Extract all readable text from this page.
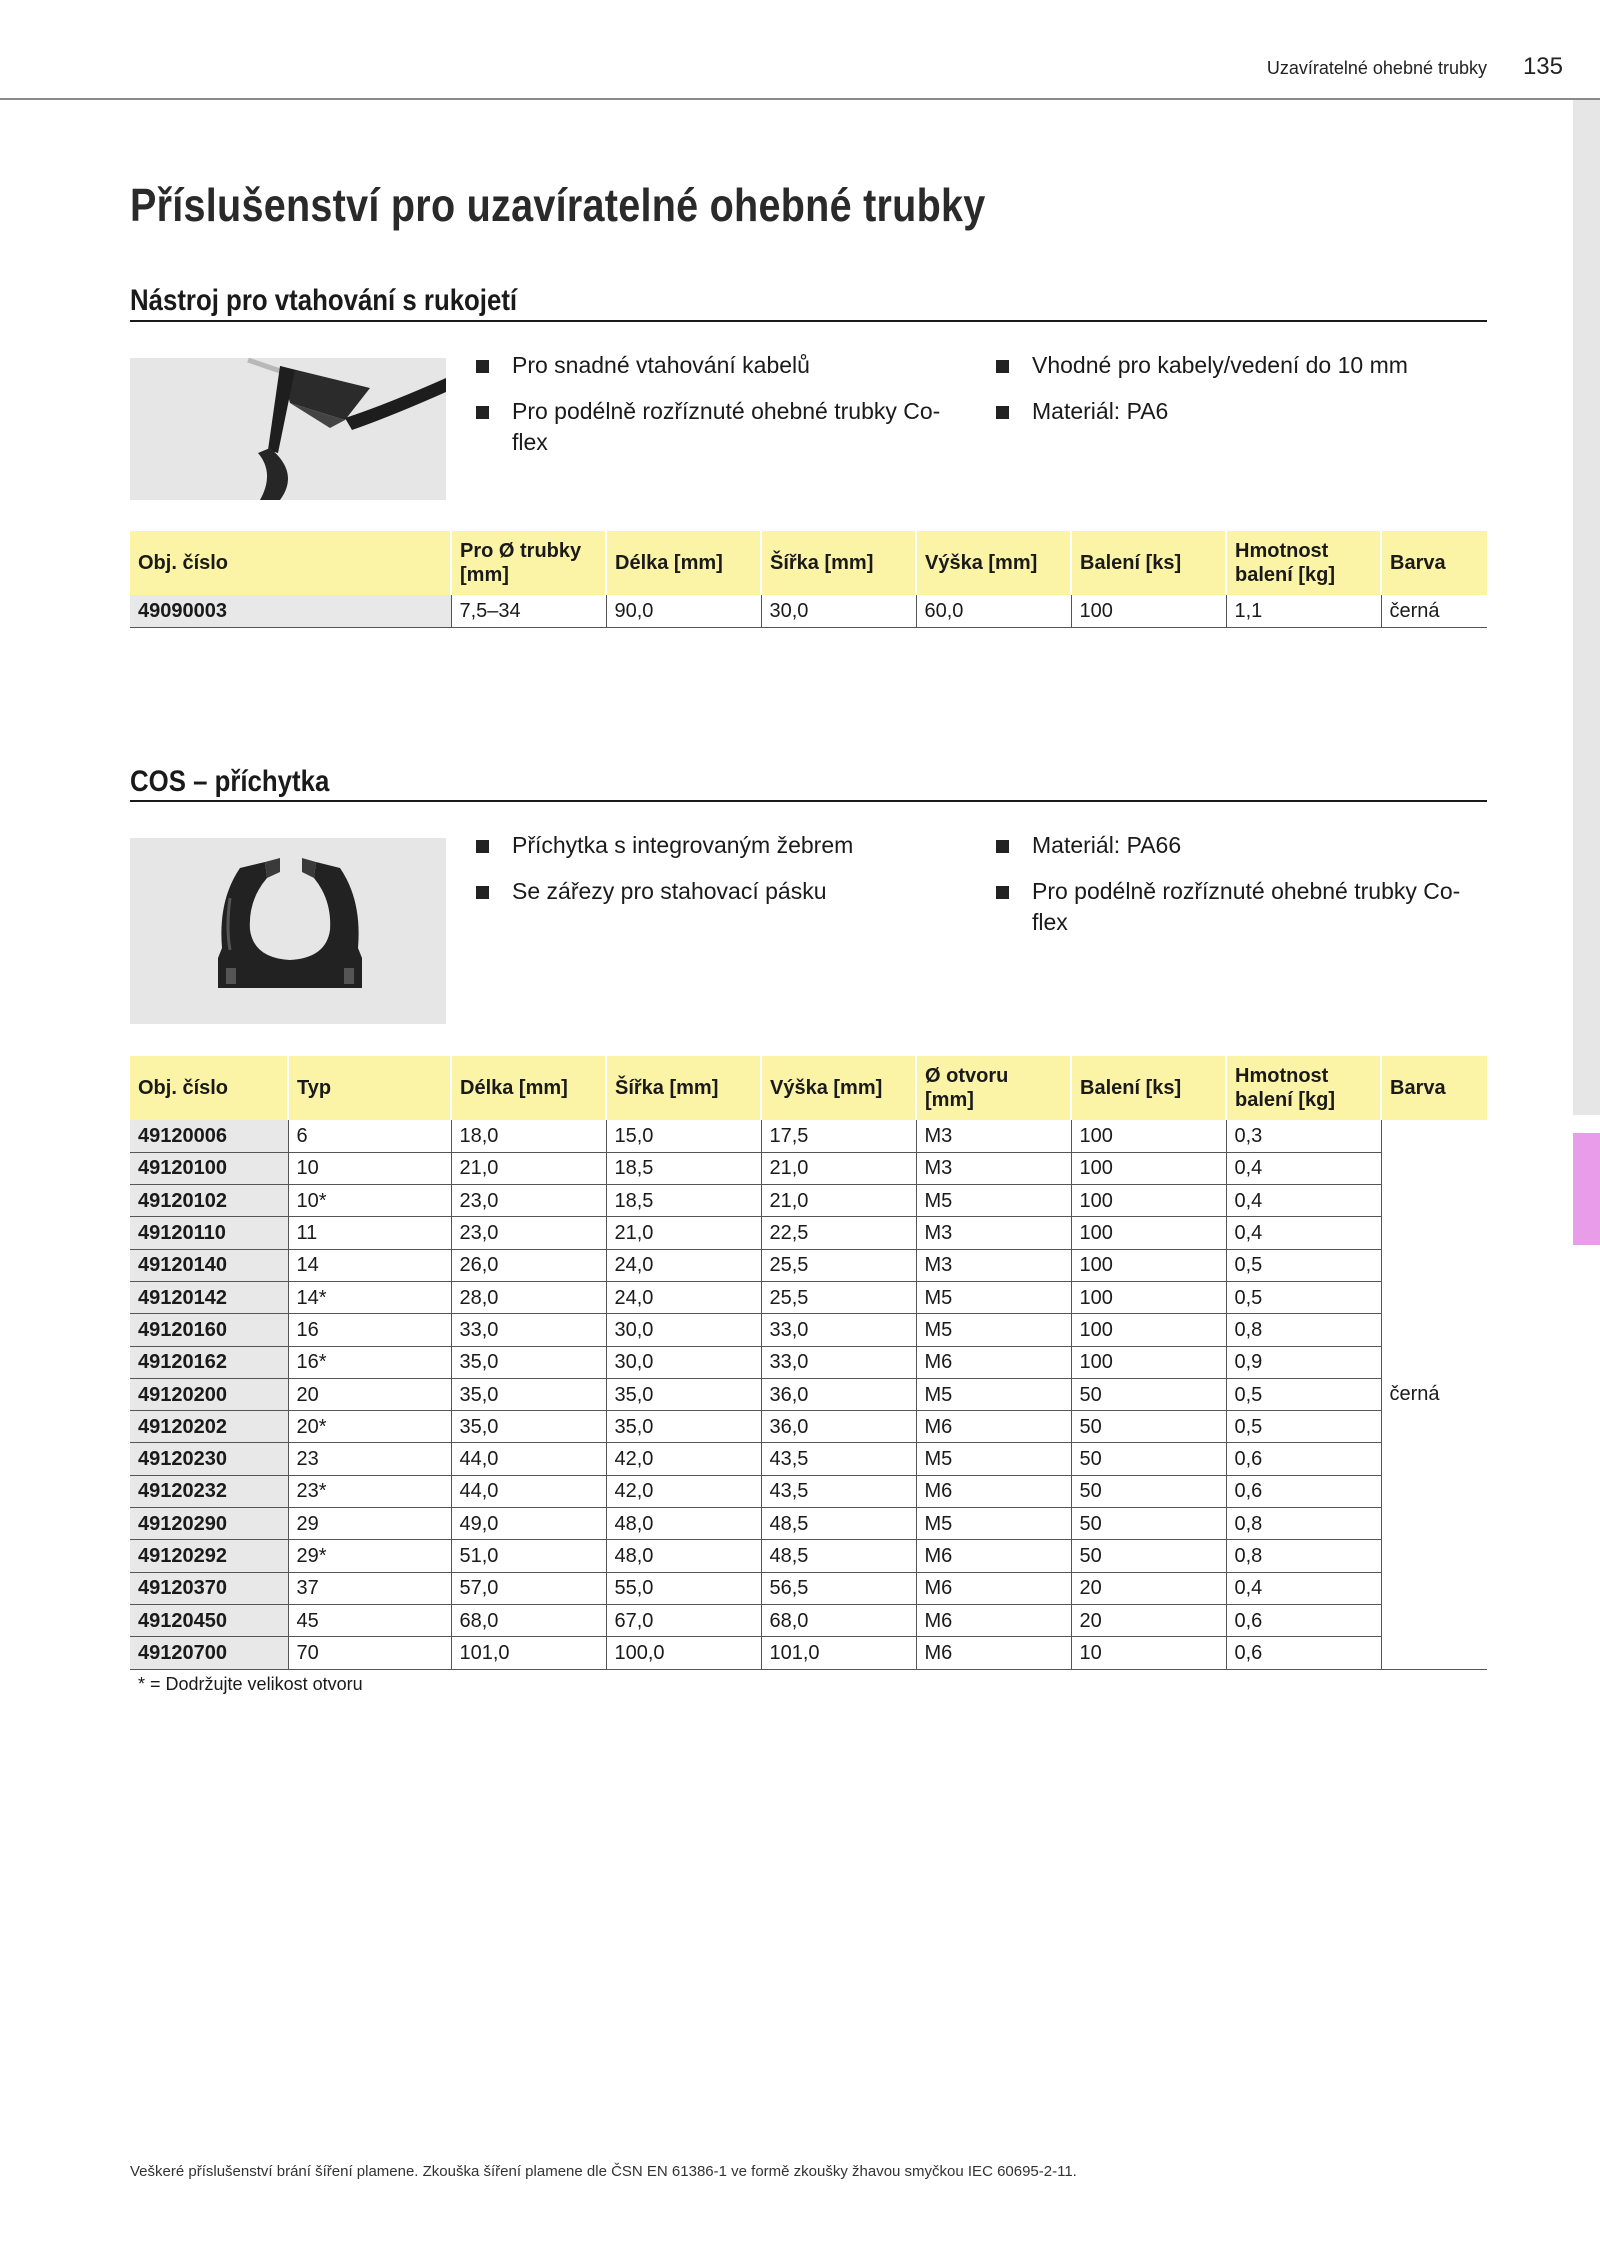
Uzavíratelné ohebné trubky 135
Příslušenství pro uzavíratelné ohebné trubky
Nástroj pro vtahování s rukojetí
Pro snadné vtahování kabelů
Pro podélně rozříznuté ohebné trubky Co-flex
Vhodné pro kabely/vedení do 10 mm
Materiál: PA6
Obj. číslo	Pro Ø trubky [mm]	Délka [mm]	Šířka [mm]	Výška [mm]	Balení [ks]	Hmotnost balení [kg]	Barva
49090003	7,5–34	90,0	30,0	60,0	100	1,1	černá
COS – příchytka
Příchytka s integrovaným žebrem
Se zářezy pro stahovací pásku
Materiál: PA66
Pro podélně rozříznuté ohebné trubky Co-flex
Obj. číslo	Typ	Délka [mm]	Šířka [mm]	Výška [mm]	Ø otvoru [mm]	Balení [ks]	Hmotnost balení [kg]	Barva
49120006	6	18,0	15,0	17,5	M3	100	0,3	černá
49120100	10	21,0	18,5	21,0	M3	100	0,4	
49120102	10*	23,0	18,5	21,0	M5	100	0,4	
49120110	11	23,0	21,0	22,5	M3	100	0,4	
49120140	14	26,0	24,0	25,5	M3	100	0,5	
49120142	14*	28,0	24,0	25,5	M5	100	0,5	
49120160	16	33,0	30,0	33,0	M5	100	0,8	
49120162	16*	35,0	30,0	33,0	M6	100	0,9	
49120200	20	35,0	35,0	36,0	M5	50	0,5	
49120202	20*	35,0	35,0	36,0	M6	50	0,5	
49120230	23	44,0	42,0	43,5	M5	50	0,6	
49120232	23*	44,0	42,0	43,5	M6	50	0,6	
49120290	29	49,0	48,0	48,5	M5	50	0,8	
49120292	29*	51,0	48,0	48,5	M6	50	0,8	
49120370	37	57,0	55,0	56,5	M6	20	0,4	
49120450	45	68,0	67,0	68,0	M6	20	0,6	
49120700	70	101,0	100,0	101,0	M6	10	0,6	
* = Dodržujte velikost otvoru
Veškeré příslušenství brání šíření plamene. Zkouška šíření plamene dle ČSN EN 61386-1 ve formě zkoušky žhavou smyčkou IEC 60695-2-11.
